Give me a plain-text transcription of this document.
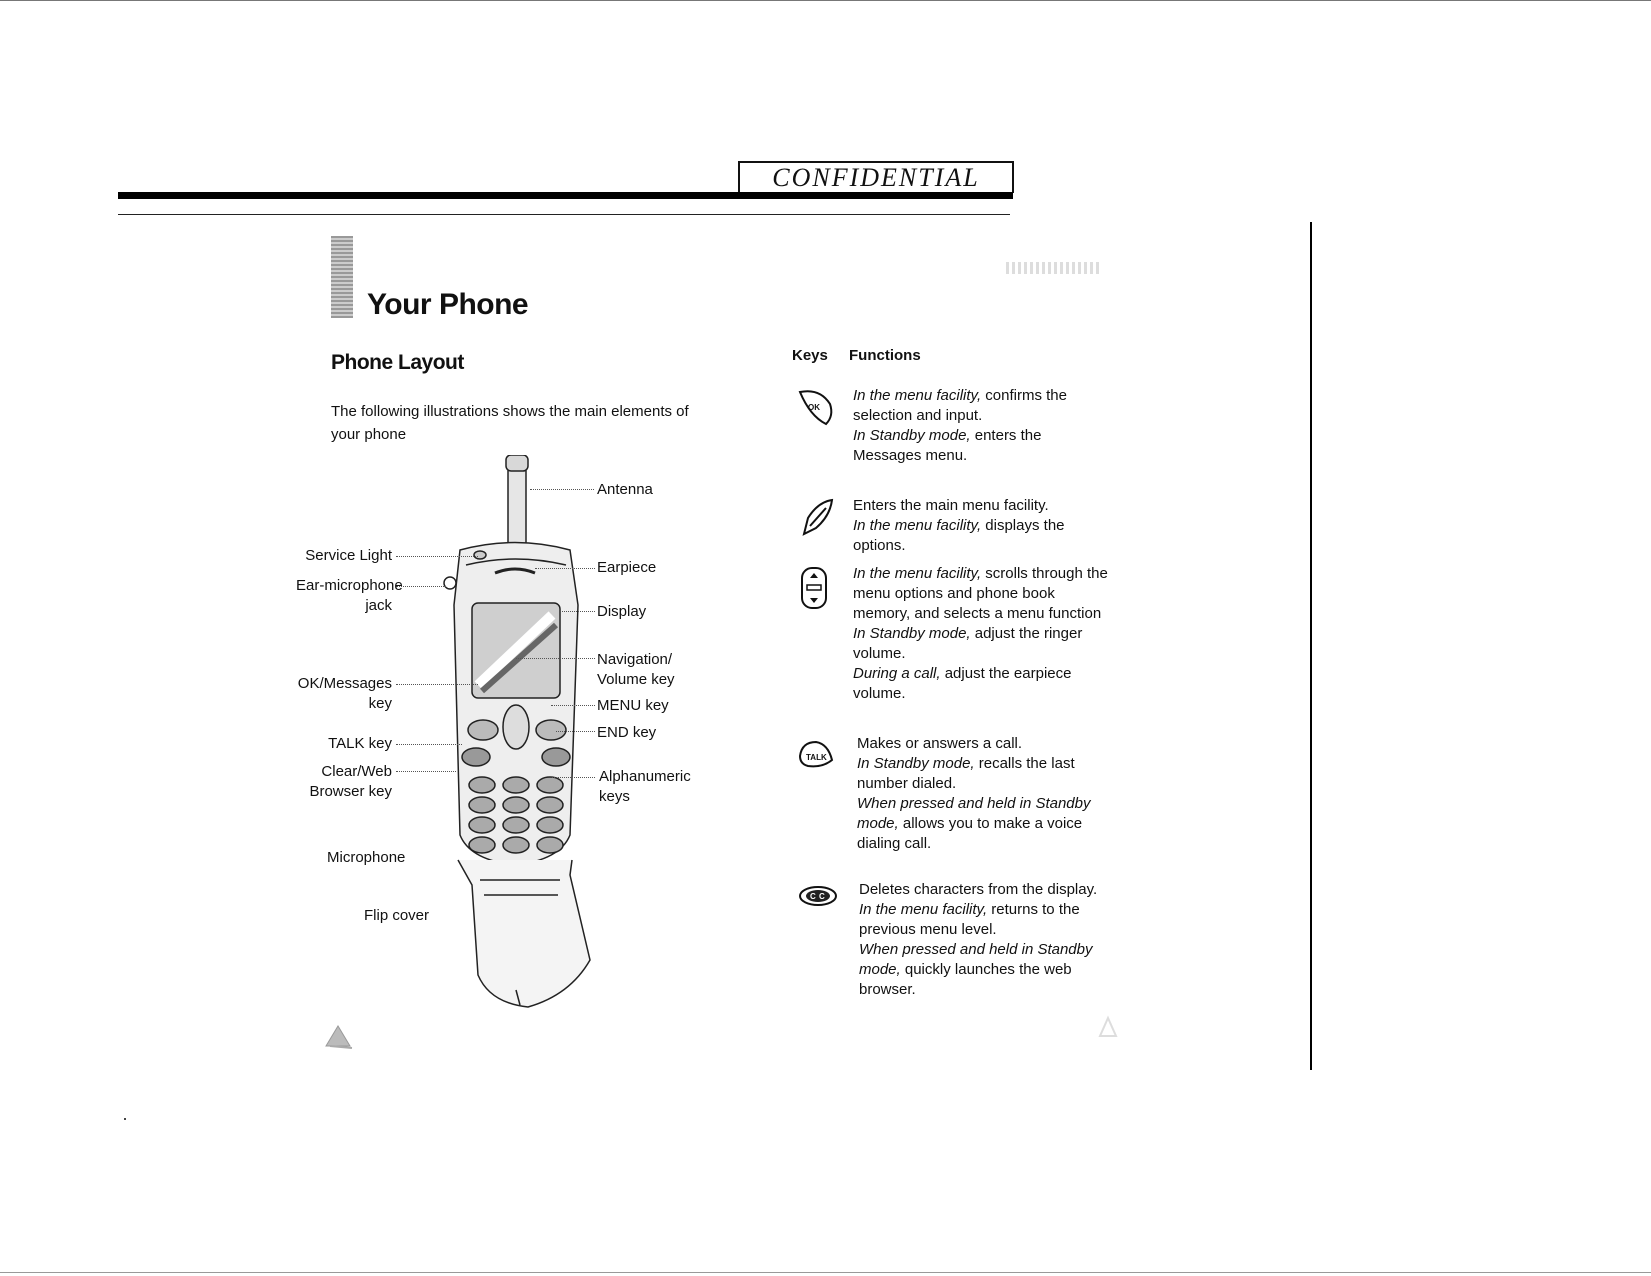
CONFIDENTIAL
Your Phone
Phone Layout
The following illustrations shows the main elements of your phone
Antenna
Service Light
Ear-microphone
jack
Earpiece
Display
Navigation/
Volume key
OK/Messages
key	MENU key
END key
TALK key
Clear/Web
Browser key
Alphanumeric
keys
Microphone
Flip cover
Keys Functions
OK
In the menu facility, confirms the selection and input.
In Standby mode, enters the Messages menu.
Enters the main menu facility.
In the menu facility, displays the options.
In the menu facility, scrolls through the menu options and phone book memory, and selects a menu function
In Standby mode, adjust the ringer volume.
During a call, adjust the earpiece volume.
TALK
Makes or answers a call.
In Standby mode, recalls the last number dialed.
When pressed and held in Standby mode, allows you to make a voice dialing call.
C C Deletes characters from the display.
In the menu facility, returns to the previous menu level.
When pressed and held in Standby mode, quickly launches the web browser.
